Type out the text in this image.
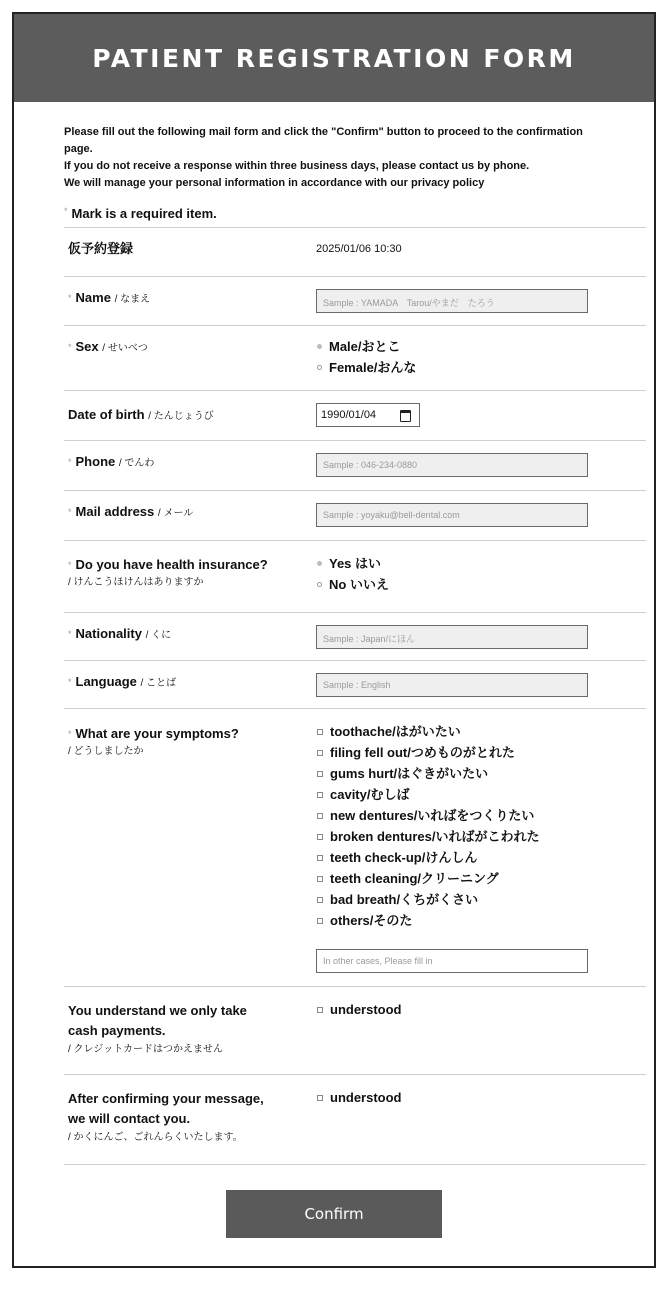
PATIENT REGISTRATION FORM

Please fill out the following mail form and click the "Confirm" button to proceed to the confirmation page.

If you do not receive a response within three business days, please contact us by phone.

We will manage your personal information in accordance with our privacy policy

* Mark is a required item.
仮予約登録	2025/01/06 10:30
* Name / なまえ	Sample : YAMADA　Tarou/やまだ　たろう
* Sex / せいべつ	Male/おとこ
Female/おんな
Date of birth / たんじょうび	1990/01/04
* Phone / でんわ	Sample : 046-234-0880
* Mail address / メール	Sample : yoyaku@bell-dental.com
* Do you have health insurance?
/ けんこうほけんはありますか
Yes はい
No いいえ
* Nationality / くに	Sample : Japan/にほん
* Language / ことば	Sample : English
* What are your symptoms?
/ どうしましたか
toothache/はがいたい
filing fell out/つめものがとれた
gums hurt/はぐきがいたい
cavity/むしば
new dentures/いればをつくりたい
broken dentures/いればがこわれた
teeth check-up/けんしん
teeth cleaning/クリーニング
bad breath/くちがくさい
others/そのた
In other cases, Please fill in
You understand we only take
cash payments.
/ クレジットカードはつかえません
understood
After confirming your message,
we will contact you.
/ かくにんご、ごれんらくいたします。
understood
Confirm
